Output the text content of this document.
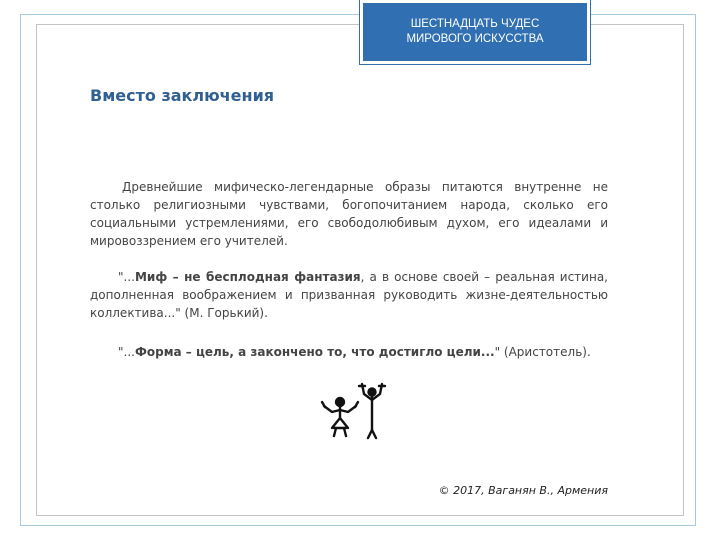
ШЕСТНАДЦАТЬ ЧУДЕС
МИРОВОГО ИСКУССТВА
Вместо заключения
Древнейшие мифическо-легендарные образы питаются внутренне не столько религиозными чувствами, богопочитанием народа, сколько его социальными устремлениями, его свободолюбивым духом, его идеалами и мировоззрением его учителей.
"...Миф – не бесплодная фантазия, а в основе своей – реальная истина, дополненная воображением и призванная руководить жизне-деятельностью коллектива..." (М. Горький).
"...Форма – цель, а закончено то, что достигло цели..." (Аристотель).
© 2017, Ваганян В., Армения
